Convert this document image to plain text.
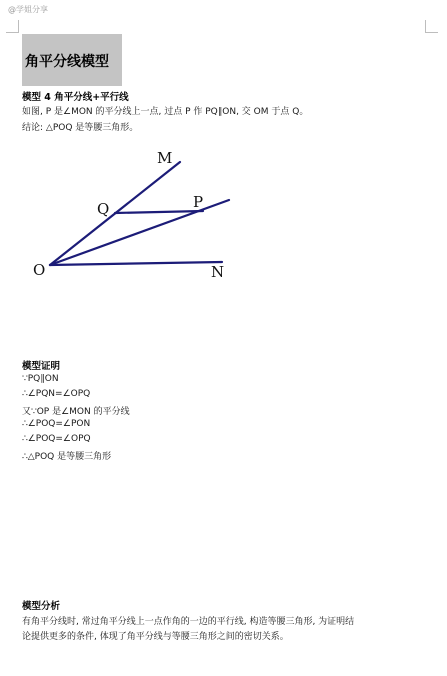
@学姐分享
角平分线模型
模型 4 角平分线+平行线
如图, P 是∠MON 的平分线上一点, 过点 P 作 PQ∥ON, 交 OM 于点 Q。
结论: △POQ 是等腰三角形。
M
Q	P
O	N
模型证明
∵PQ∥ON
∴∠PQN=∠OPQ
又∵OP 是∠MON 的平分线
∴∠POQ=∠PON
∴∠POQ=∠OPQ
∴△POQ 是等腰三角形
模型分析
有角平分线时, 常过角平分线上一点作角的一边的平行线, 构造等腰三角形, 为证明结
论提供更多的条件, 体现了角平分线与等腰三角形之间的密切关系。
